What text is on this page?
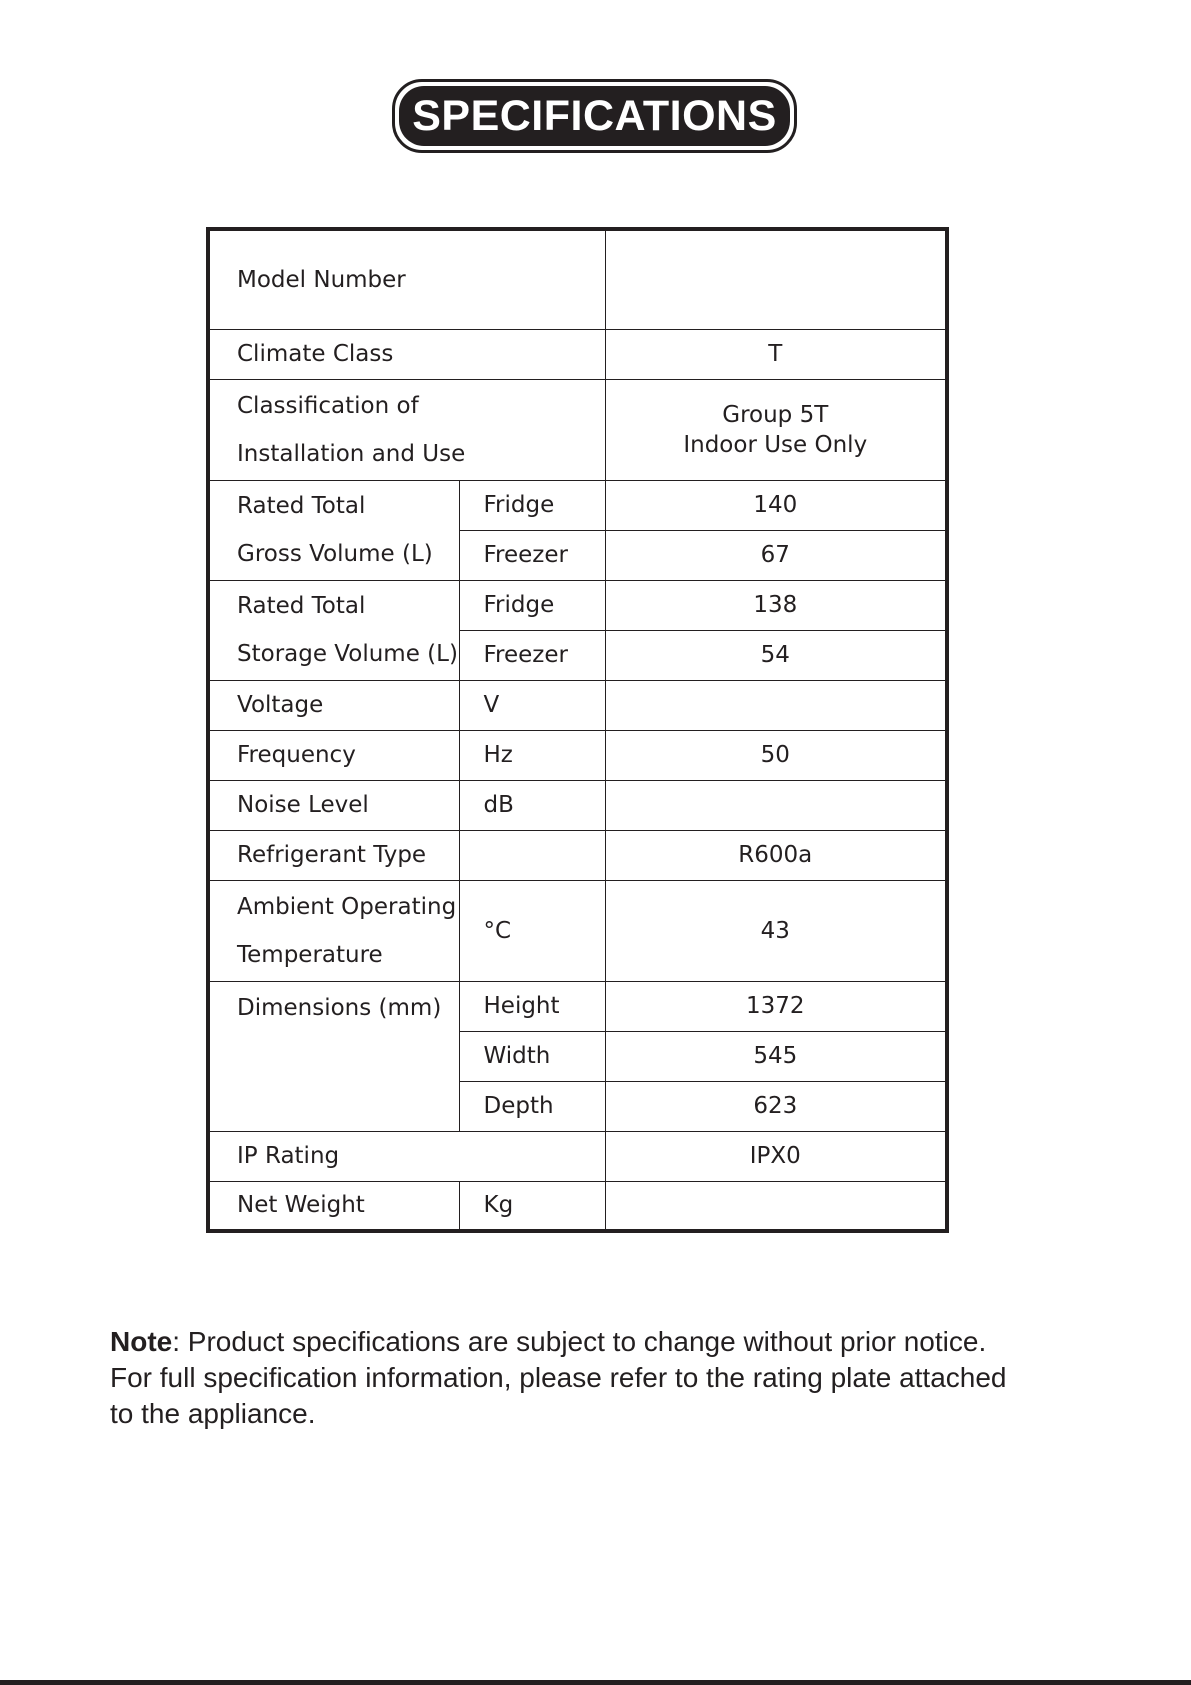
SPECIFICATIONS
Model Number		
Climate Class		T

Classification of
Installation and Use		Group 5T
Indoor Use Only

Rated Total
Gross Volume (L)	Fridge	140
	Freezer	67

Rated Total
Storage Volume (L)	Fridge	138
	Freezer	54
Voltage	V	
Frequency	Hz	50
Noise Level	dB	
Refrigerant Type		R600a

Ambient Operating
Temperature	°C	43
Dimensions (mm)	Height	1372
	Width	545
	Depth	623
IP Rating		IPX0
Net Weight	Kg	
Note: Product specifications are subject to change without prior notice.
For full specification information, please refer to the rating plate attached
to the appliance.
